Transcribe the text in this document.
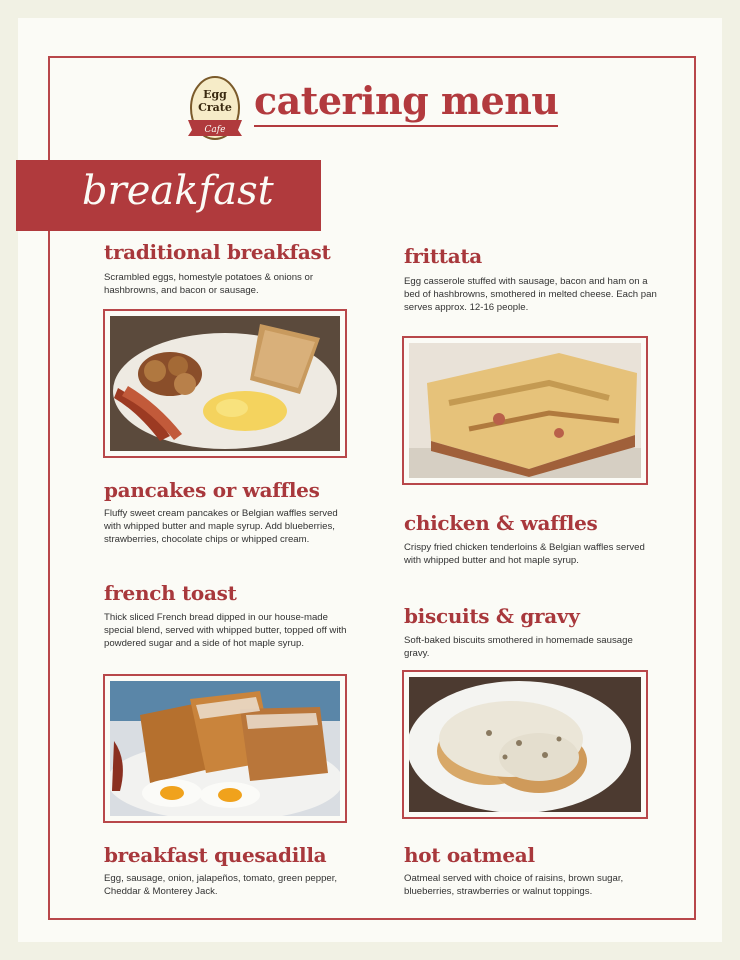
Egg
Crate
Cafe
catering menu
breakfast
traditional breakfast
Scrambled eggs, homestyle potatoes & onions or hashbrowns, and bacon or sausage.
frittata
Egg casserole stuffed with sausage, bacon and ham on a bed of hashbrowns, smothered in melted cheese. Each pan serves approx. 12-16 people.
pancakes or waffles
Fluffy sweet cream pancakes or Belgian waffles served with whipped butter and maple syrup. Add blueberries, strawberries, chocolate chips or whipped cream.
chicken & waffles
Crispy fried chicken tenderloins & Belgian waffles served with whipped butter and hot maple syrup.
french toast
Thick sliced French bread dipped in our house-made special blend, served with whipped butter, topped off with powdered sugar and a side of hot maple syrup.
biscuits & gravy
Soft-baked biscuits smothered in homemade sausage gravy.
breakfast quesadilla
Egg, sausage, onion, jalapeños, tomato, green pepper, Cheddar & Monterey Jack.
hot oatmeal
Oatmeal served with choice of raisins, brown sugar, blueberries, strawberries or walnut toppings.
